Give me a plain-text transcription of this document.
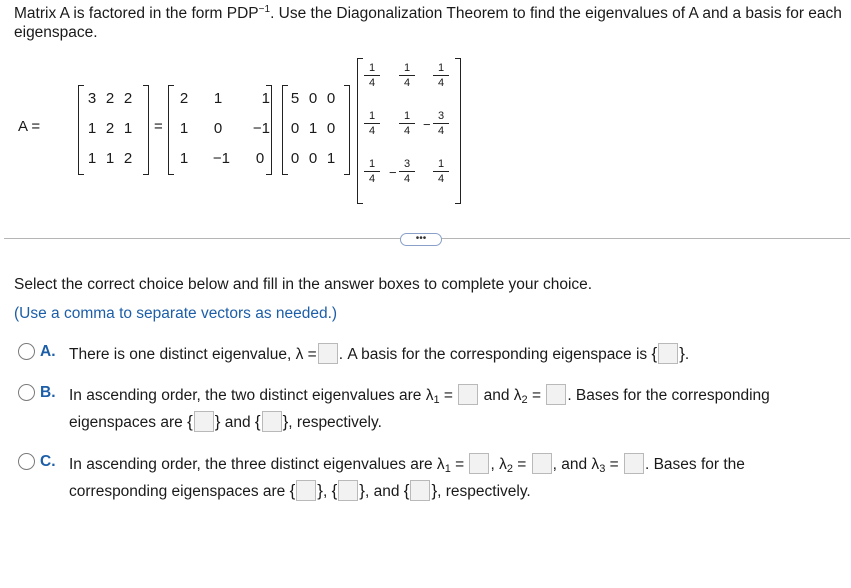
Matrix A is factored in the form $PDP^{-1}$. Use the Diagonalization Theorem to find the eigenvalues of A and a basis for each eigenspace.
A =
3 2 2
1 2 1
1 1 2
=
2	1	1
1	0	−1
1	−1	0
5 0 0
0 1 0
0 0 1
$\frac{1}{4} \frac{1}{4} \frac{1}{4}$
$\frac{1}{4} \frac{1}{4} - \frac{3}{4}$
$\frac{1}{4} - \frac{3}{4} \frac{1}{4}$
•••
Select the correct choice below and fill in the answer boxes to complete your choice.
(Use a comma to separate vectors as needed.)
A. There is one distinct eigenvalue, λ = . A basis for the corresponding eigenspace is { }.
B. In ascending order, the two distinct eigenvalues are $\lambda_1$ =  and $\lambda_2$ = . Bases for the corresponding
eigenspaces are { } and { }, respectively.
C. In ascending order, the three distinct eigenvalues are $\lambda_1$ = , $\lambda_2$ = , and $\lambda_3$ = . Bases for the
corresponding eigenspaces are { }, { }, and { }, respectively.
